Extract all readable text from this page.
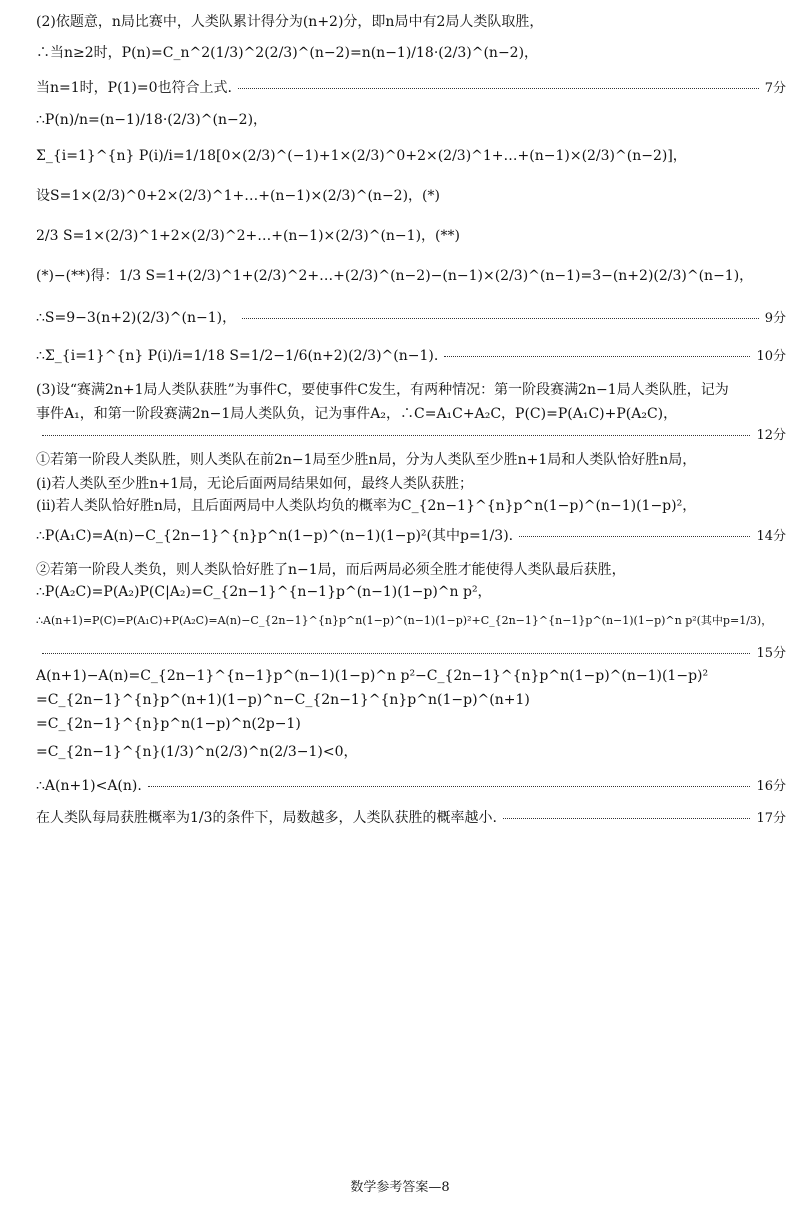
(2)依题意，n局比赛中，人类队累计得分为(n+2)分，即n局中有2局人类队取胜，
∴当n≥2时，P(n)=C_n^2(1/3)^2(2/3)^(n−2)=n(n−1)/18·(2/3)^(n−2)，
当n=1时，P(1)=0也符合上式.	7分
∴P(n)/n=(n−1)/18·(2/3)^(n−2)，
Σ_{i=1}^{n} P(i)/i=1/18[0×(2/3)^(−1)+1×(2/3)^0+2×(2/3)^1+…+(n−1)×(2/3)^(n−2)]，
设S=1×(2/3)^0+2×(2/3)^1+…+(n−1)×(2/3)^(n−2)，(*)
2/3 S=1×(2/3)^1+2×(2/3)^2+…+(n−1)×(2/3)^(n−1)，(**)
(*)−(**)得：1/3 S=1+(2/3)^1+(2/3)^2+…+(2/3)^(n−2)−(n−1)×(2/3)^(n−1)=3−(n+2)(2/3)^(n−1)，
∴S=9−3(n+2)(2/3)^(n−1)，	9分
∴Σ_{i=1}^{n} P(i)/i=1/18 S=1/2−1/6(n+2)(2/3)^(n−1).	10分
(3)设“赛满2n+1局人类队获胜”为事件C，要使事件C发生，有两种情况：第一阶段赛满2n−1局人类队胜，记为
事件A₁，和第一阶段赛满2n−1局人类队负，记为事件A₂，∴C=A₁C+A₂C，P(C)=P(A₁C)+P(A₂C)，
12分
①若第一阶段人类队胜，则人类队在前2n−1局至少胜n局，分为人类队至少胜n+1局和人类队恰好胜n局，
(ⅰ)若人类队至少胜n+1局，无论后面两局结果如何，最终人类队获胜；
(ⅱ)若人类队恰好胜n局，且后面两局中人类队均负的概率为C_{2n−1}^{n}p^n(1−p)^(n−1)(1−p)²，
∴P(A₁C)=A(n)−C_{2n−1}^{n}p^n(1−p)^(n−1)(1−p)²(其中p=1/3).	14分
②若第一阶段人类负，则人类队恰好胜了n−1局，而后两局必须全胜才能使得人类队最后获胜，
∴P(A₂C)=P(A₂)P(C|A₂)=C_{2n−1}^{n−1}p^(n−1)(1−p)^n p²，
∴A(n+1)=P(C)=P(A₁C)+P(A₂C)=A(n)−C_{2n−1}^{n}p^n(1−p)^(n−1)(1−p)²+C_{2n−1}^{n−1}p^(n−1)(1−p)^n p²(其中p=1/3)，
15分
A(n+1)−A(n)=C_{2n−1}^{n−1}p^(n−1)(1−p)^n p²−C_{2n−1}^{n}p^n(1−p)^(n−1)(1−p)²
=C_{2n−1}^{n}p^(n+1)(1−p)^n−C_{2n−1}^{n}p^n(1−p)^(n+1)
=C_{2n−1}^{n}p^n(1−p)^n(2p−1)
=C_{2n−1}^{n}(1/3)^n(2/3)^n(2/3−1)<0，
∴A(n+1)<A(n).	16分
在人类队每局获胜概率为1/3的条件下，局数越多，人类队获胜的概率越小.	17分
数学参考答案—8
